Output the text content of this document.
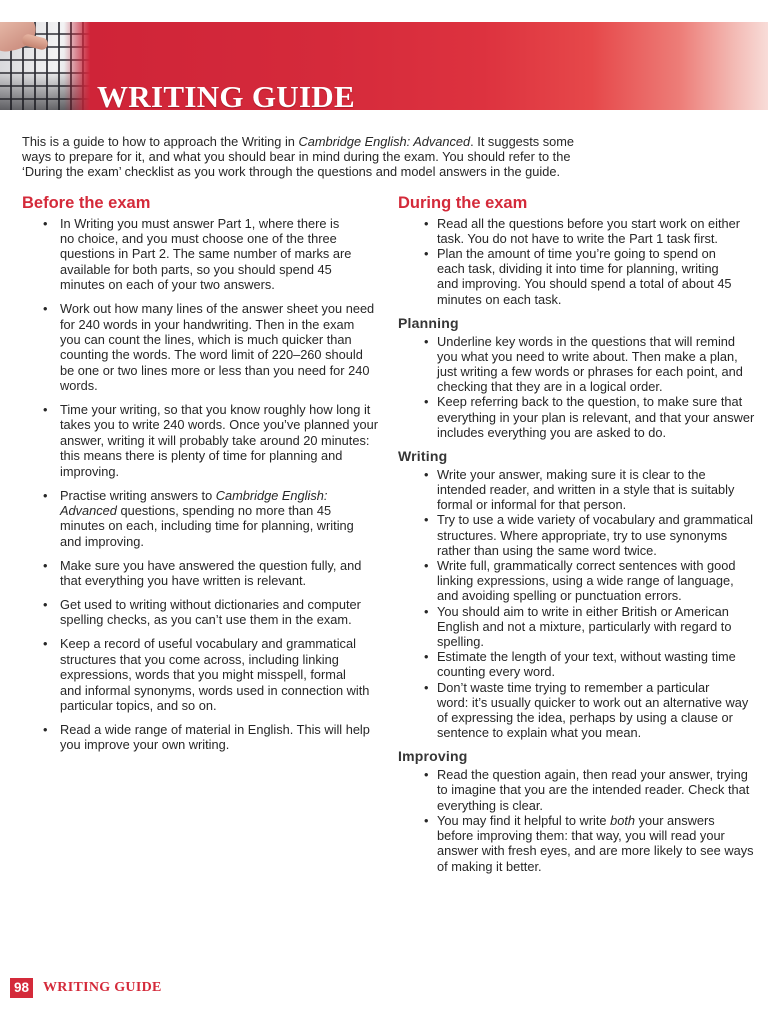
WRITING GUIDE

This is a guide to how to approach the Writing in Cambridge English: Advanced. It suggests some
ways to prepare for it, and what you should bear in mind during the exam. You should refer to the
‘During the exam’ checklist as you work through the questions and model answers in the guide.

Before the exam
• In Writing you must answer Part 1, where there is
no choice, and you must choose one of the three
questions in Part 2. The same number of marks are
available for both parts, so you should spend 45
minutes on each of your two answers.
• Work out how many lines of the answer sheet you need
for 240 words in your handwriting. Then in the exam
you can count the lines, which is much quicker than
counting the words. The word limit of 220–260 should
be one or two lines more or less than you need for 240
words.
• Time your writing, so that you know roughly how long it
takes you to write 240 words. Once you’ve planned your
answer, writing it will probably take around 20 minutes:
this means there is plenty of time for planning and
improving.
• Practise writing answers to Cambridge English:
Advanced questions, spending no more than 45
minutes on each, including time for planning, writing
and improving.
• Make sure you have answered the question fully, and
that everything you have written is relevant.
• Get used to writing without dictionaries and computer
spelling checks, as you can’t use them in the exam.
• Keep a record of useful vocabulary and grammatical
structures that you come across, including linking
expressions, words that you might misspell, formal
and informal synonyms, words used in connection with
particular topics, and so on.
• Read a wide range of material in English. This will help
you improve your own writing.
During the exam
• Read all the questions before you start work on either
task. You do not have to write the Part 1 task first.
• Plan the amount of time you’re going to spend on
each task, dividing it into time for planning, writing
and improving. You should spend a total of about 45
minutes on each task.
Planning
• Underline key words in the questions that will remind
you what you need to write about. Then make a plan,
just writing a few words or phrases for each point, and
checking that they are in a logical order.
• Keep referring back to the question, to make sure that
everything in your plan is relevant, and that your answer
includes everything you are asked to do.
Writing
• Write your answer, making sure it is clear to the
intended reader, and written in a style that is suitably
formal or informal for that person.
• Try to use a wide variety of vocabulary and grammatical
structures. Where appropriate, try to use synonyms
rather than using the same word twice.
• Write full, grammatically correct sentences with good
linking expressions, using a wide range of language,
and avoiding spelling or punctuation errors.
• You should aim to write in either British or American
English and not a mixture, particularly with regard to
spelling.
• Estimate the length of your text, without wasting time
counting every word.
• Don’t waste time trying to remember a particular
word: it’s usually quicker to work out an alternative way
of expressing the idea, perhaps by using a clause or
sentence to explain what you mean.
Improving
• Read the question again, then read your answer, trying
to imagine that you are the intended reader. Check that
everything is clear.
• You may find it helpful to write both your answers
before improving them: that way, you will read your
answer with fresh eyes, and are more likely to see ways
of making it better.
98 WRITING GUIDE
